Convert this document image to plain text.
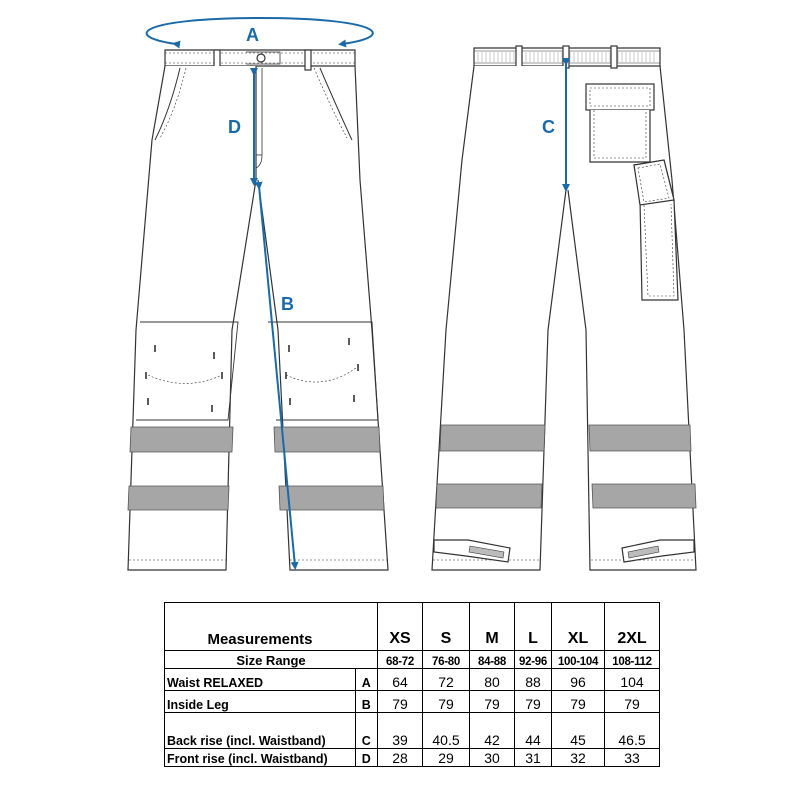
A
D
B
C
Measurements		XS	S	M	L	XL	2XL
Size Range		68-72	76-80	84-88	92-96	100-104	108-112
Waist RELAXED	A	64	72	80	88	96	104
Inside Leg	B	79	79	79	79	79	79
Back rise (incl. Waistband)	C	39	40.5	42	44	45	46.5
Front rise (incl. Waistband)	D	28	29	30	31	32	33
